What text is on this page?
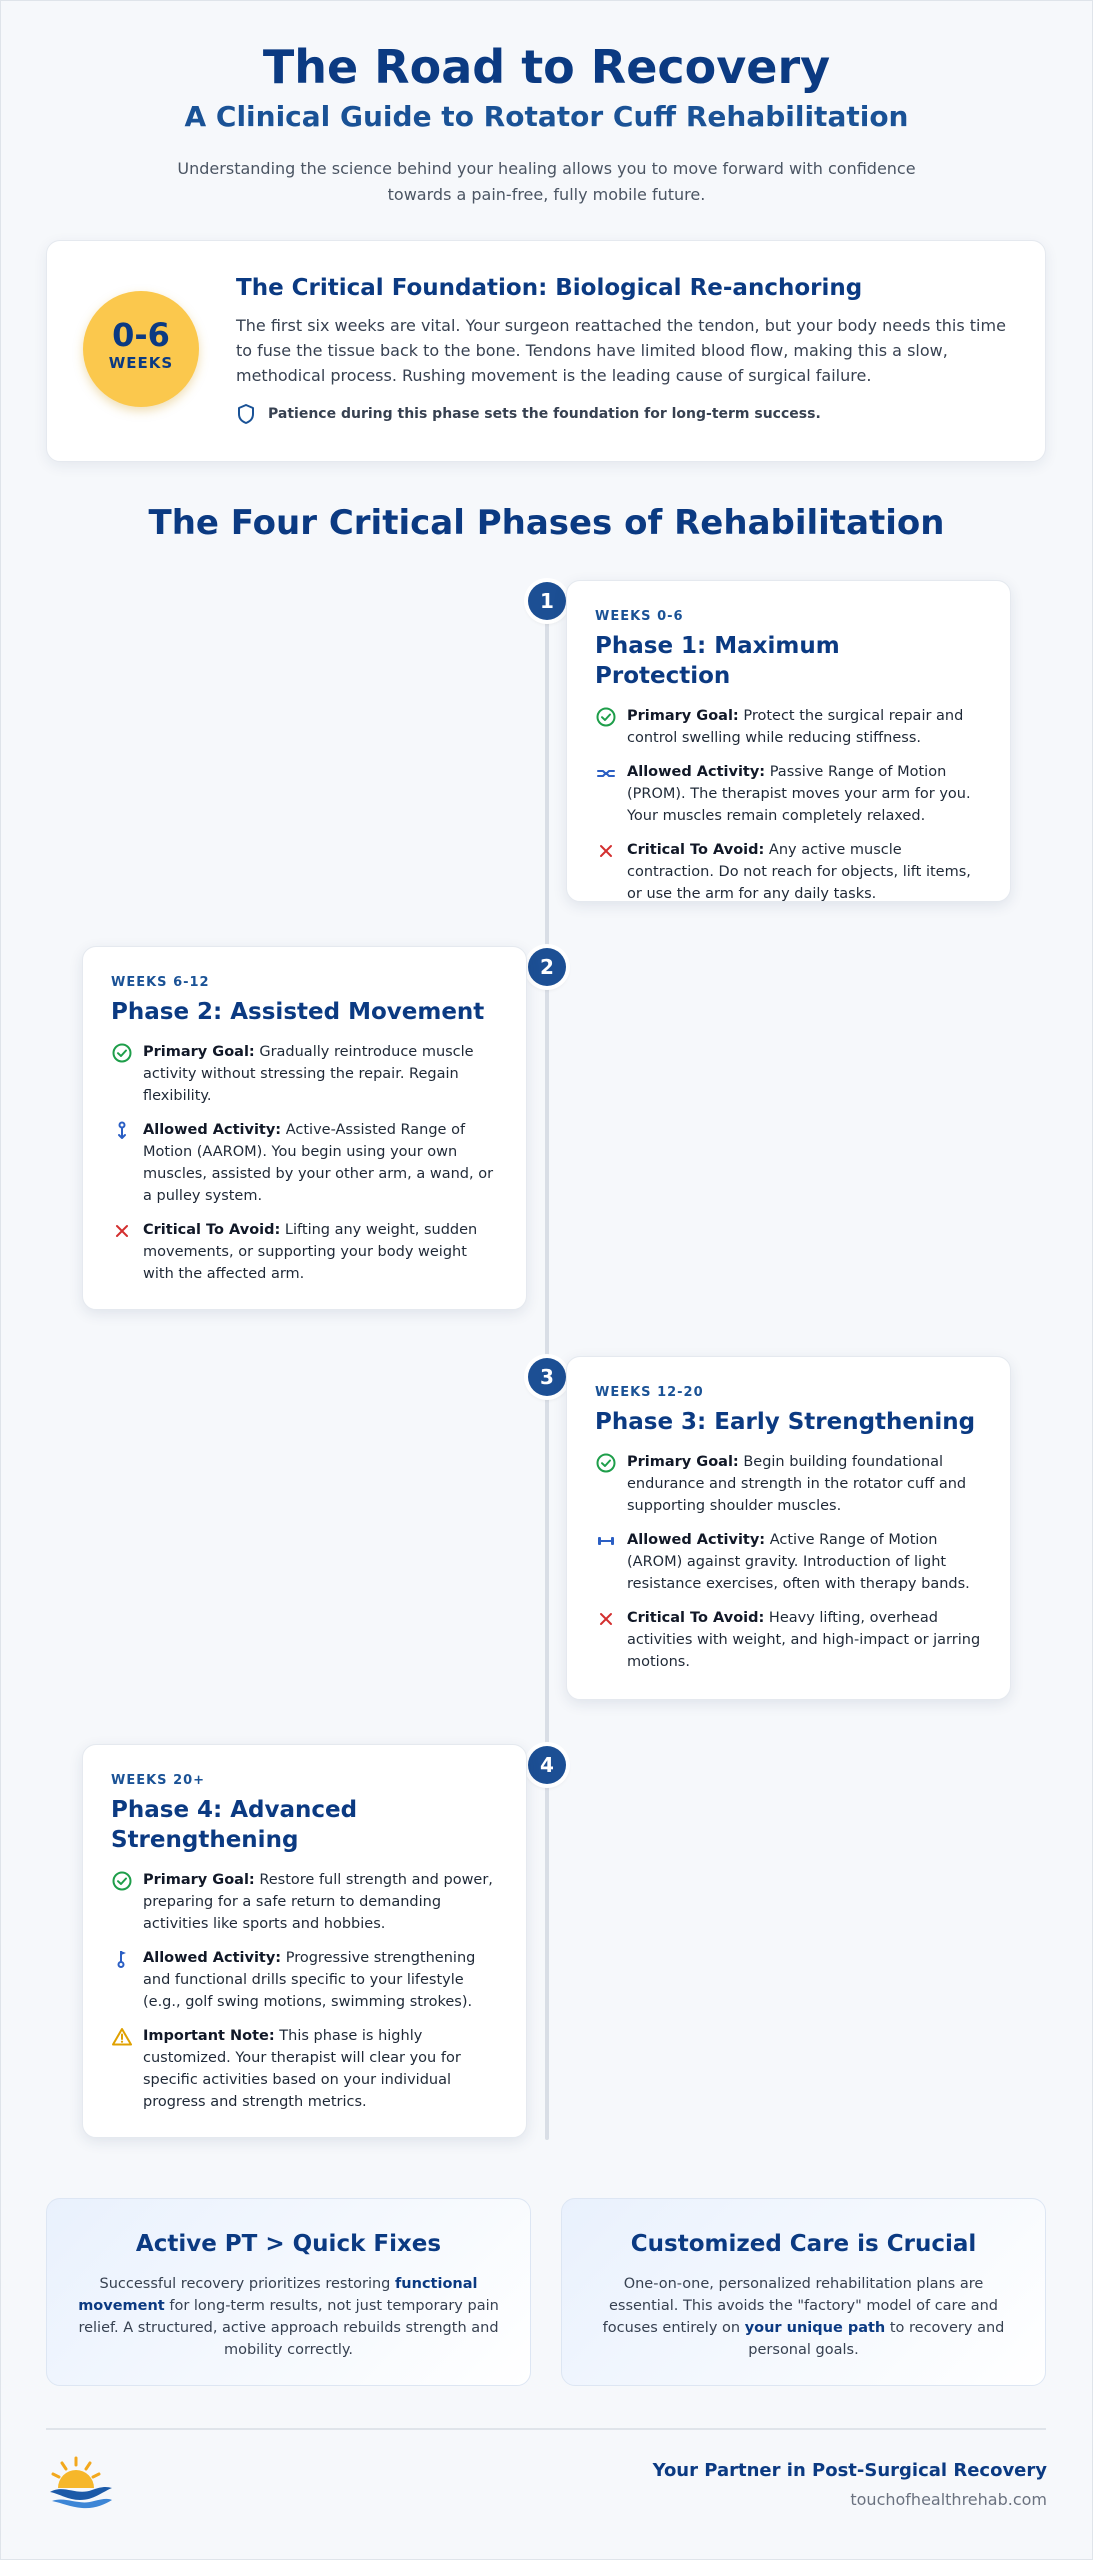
The Road to Recovery
A Clinical Guide to Rotator Cuff Rehabilitation

Understanding the science behind your healing allows you to move forward with confidence towards a pain-free, fully mobile future.

0-6
WEEKS
The Critical Foundation: Biological Re-anchoring

The first six weeks are vital. Your surgeon reattached the tendon, but your body needs this time to fuse the tissue back to the bone. Tendons have limited blood flow, making this a slow, methodical process. Rushing movement is the leading cause of surgical failure.

Patience during this phase sets the foundation for long-term success.
The Four Critical Phases of Rehabilitation
1
WEEKS 0-6
Phase 1: Maximum Protection
Primary Goal: Protect the surgical repair and control swelling while reducing stiffness.
Allowed Activity: Passive Range of Motion (PROM). The therapist moves your arm for you. Your muscles remain completely relaxed.
Critical To Avoid: Any active muscle contraction. Do not reach for objects, lift items, or use the arm for any daily tasks.
2
WEEKS 6-12
Phase 2: Assisted Movement
Primary Goal: Gradually reintroduce muscle activity without stressing the repair. Regain flexibility.
Allowed Activity: Active-Assisted Range of Motion (AAROM). You begin using your own muscles, assisted by your other arm, a wand, or a pulley system.
Critical To Avoid: Lifting any weight, sudden movements, or supporting your body weight with the affected arm.
3
WEEKS 12-20
Phase 3: Early Strengthening
Primary Goal: Begin building foundational endurance and strength in the rotator cuff and supporting shoulder muscles.
Allowed Activity: Active Range of Motion (AROM) against gravity. Introduction of light resistance exercises, often with therapy bands.
Critical To Avoid: Heavy lifting, overhead activities with weight, and high-impact or jarring motions.
4
WEEKS 20+
Phase 4: Advanced Strengthening
Primary Goal: Restore full strength and power, preparing for a safe return to demanding activities like sports and hobbies.
Allowed Activity: Progressive strengthening and functional drills specific to your lifestyle (e.g., golf swing motions, swimming strokes).
Important Note: This phase is highly customized. Your therapist will clear you for specific activities based on your individual progress and strength metrics.
Active PT > Quick Fixes

Successful recovery prioritizes restoring functional movement for long-term results, not just temporary pain relief. A structured, active approach rebuilds strength and mobility correctly.

Customized Care is Crucial

One-on-one, personalized rehabilitation plans are essential. This avoids the "factory" model of care and focuses entirely on your unique path to recovery and personal goals.

Your Partner in Post-Surgical Recovery
touchofhealthrehab.com
